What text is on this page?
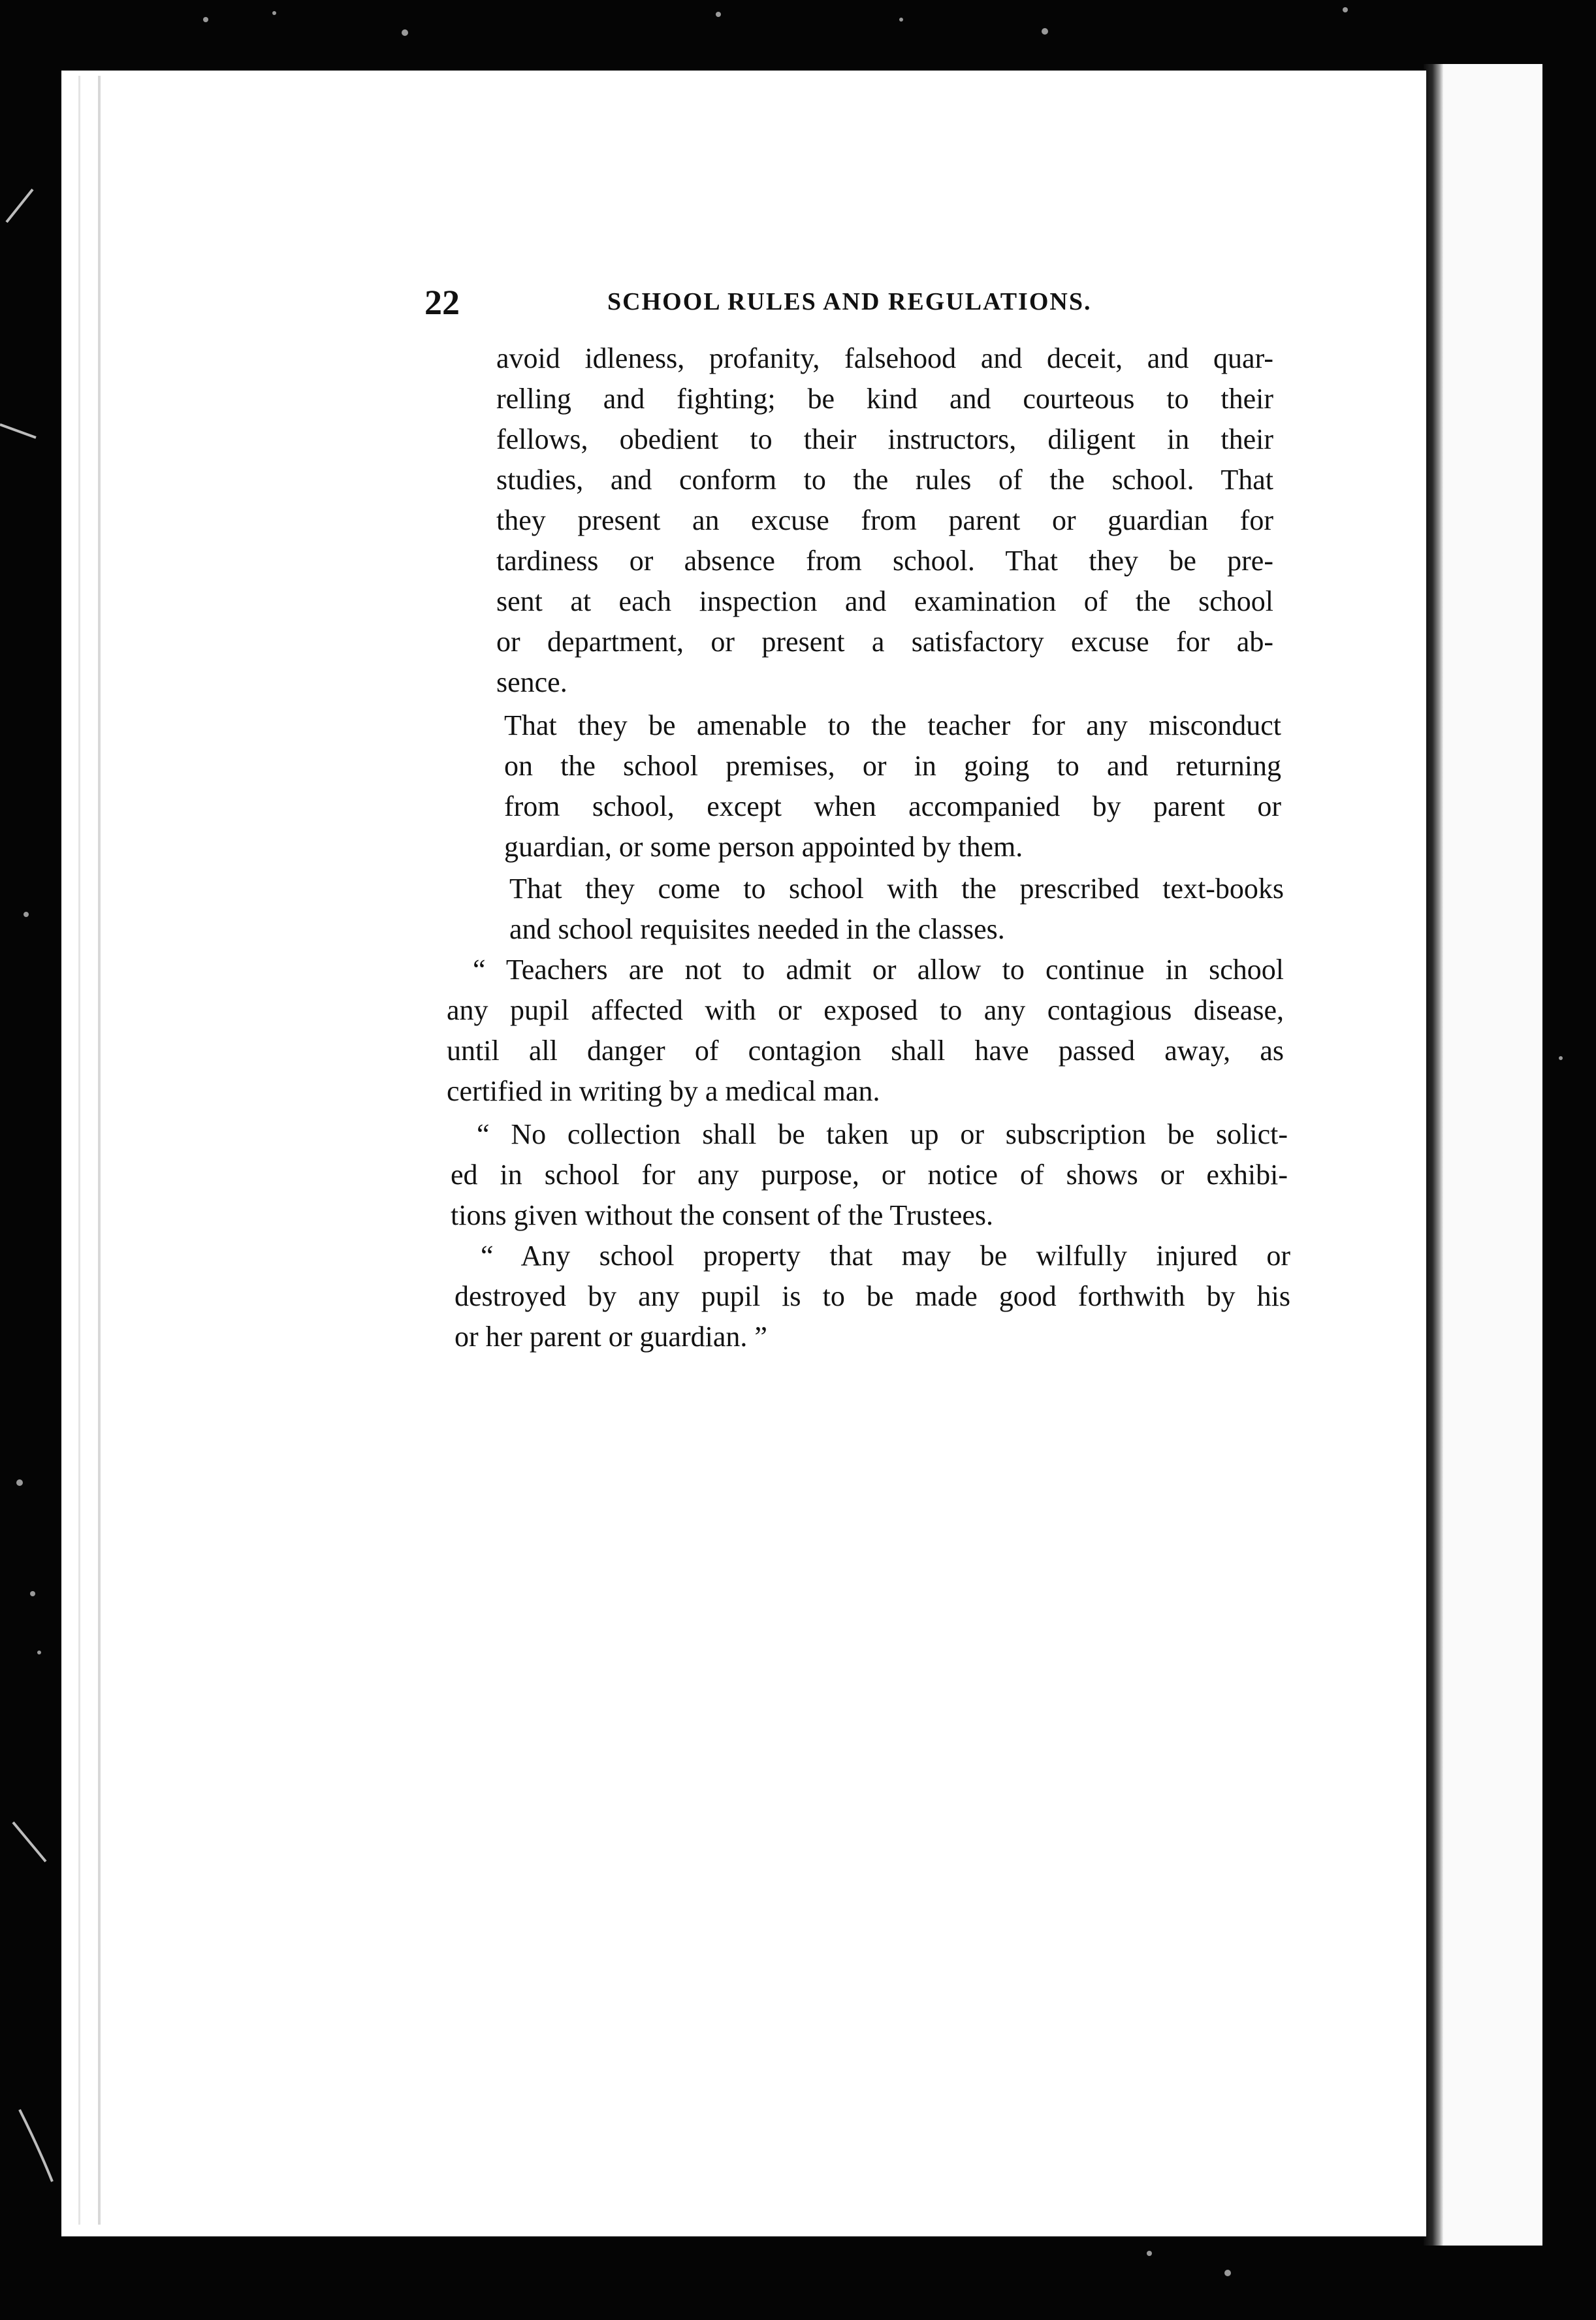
22	SCHOOL RULES AND REGULATIONS.
avoid idleness, profanity, falsehood and deceit, and quar-
relling and fighting; be kind and courteous to their
fellows, obedient to their instructors, diligent in their
studies, and conform to the rules of the school. That
they present an excuse from parent or guardian for
tardiness or absence from school. That they be pre-
sent at each inspection and examination of the school
or department, or present a satisfactory excuse for ab-
sence.
That they be amenable to the teacher for any misconduct
on the school premises, or in going to and returning
from school, except when accompanied by parent or
guardian, or some person appointed by them.
That they come to school with the prescribed text-books
and school requisites needed in the classes.
“ Teachers are not to admit or allow to continue in school
any pupil affected with or exposed to any contagious disease,
until all danger of contagion shall have passed away, as
certified in writing by a medical man.
“ No collection shall be taken up or subscription be solict-
ed in school for any purpose, or notice of shows or exhibi-
tions given without the consent of the Trustees.
“ Any school property that may be wilfully injured or
destroyed by any pupil is to be made good forthwith by his
or her parent or guardian. ”
